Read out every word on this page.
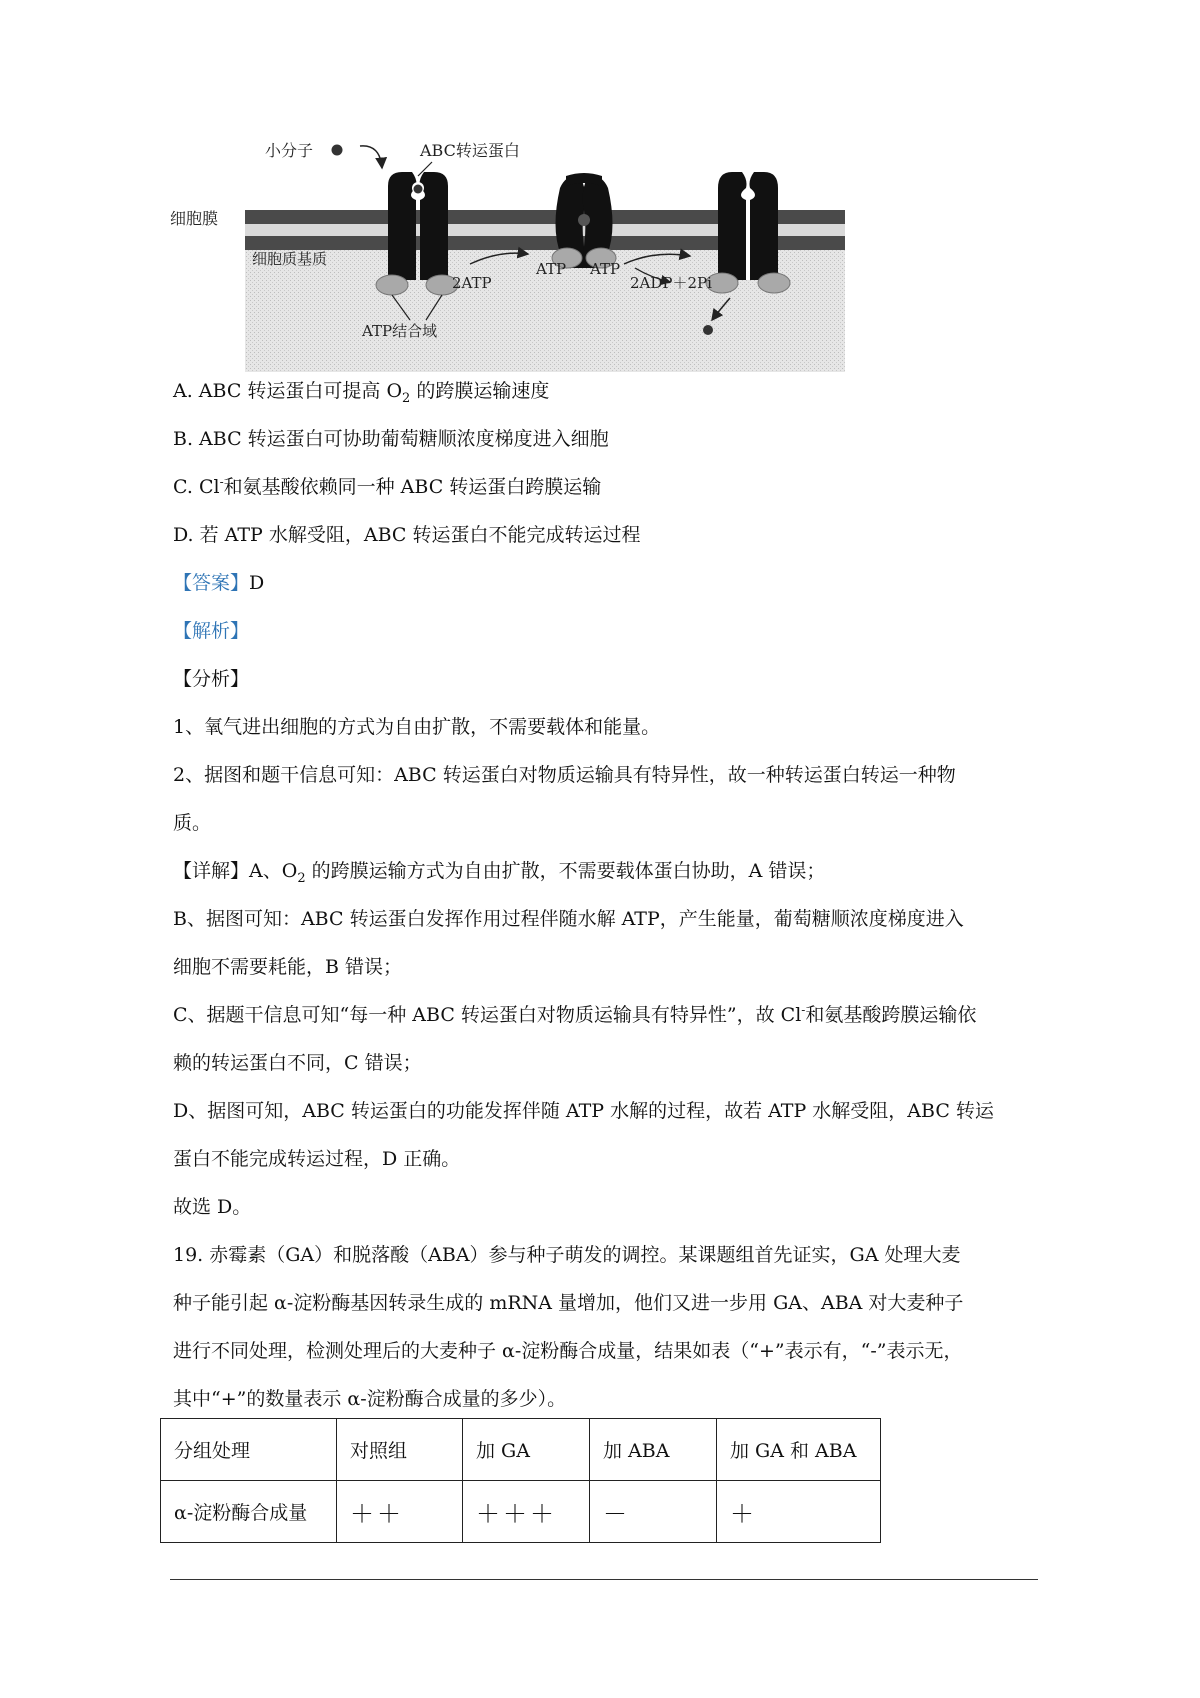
小分子	ABC转运蛋白
细胞膜
细胞质基质
2ATP
ATP ATP
2ADP＋2Pi
ATP结合域
A. ABC 转运蛋白可提高 $O_2$ 的跨膜运输速度
B. ABC 转运蛋白可协助葡萄糖顺浓度梯度进入细胞
C. Cl-和氨基酸依赖同一种 ABC 转运蛋白跨膜运输
D. 若 ATP 水解受阻，ABC 转运蛋白不能完成转运过程
【答案】D
【解析】
【分析】
1、氧气进出细胞的方式为自由扩散，不需要载体和能量。
2、据图和题干信息可知：ABC 转运蛋白对物质运输具有特异性，故一种转运蛋白转运一种物
质。
【详解】A、$O_2$ 的跨膜运输方式为自由扩散，不需要载体蛋白协助，A 错误；
B、据图可知：ABC 转运蛋白发挥作用过程伴随水解 ATP，产生能量，葡萄糖顺浓度梯度进入
细胞不需要耗能，B 错误；
C、据题干信息可知“每一种 ABC 转运蛋白对物质运输具有特异性”，故 Cl-和氨基酸跨膜运输依
赖的转运蛋白不同，C 错误；
D、据图可知，ABC 转运蛋白的功能发挥伴随 ATP 水解的过程，故若 ATP 水解受阻，ABC 转运
蛋白不能完成转运过程，D 正确。
故选 D。
19. 赤霉素（GA）和脱落酸（ABA）参与种子萌发的调控。某课题组首先证实，GA 处理大麦
种子能引起 α-淀粉酶基因转录生成的 mRNA 量增加，他们又进一步用 GA、ABA 对大麦种子
进行不同处理，检测处理后的大麦种子 α-淀粉酶合成量，结果如表（“+”表示有，“-”表示无，
其中“+”的数量表示 α-淀粉酶合成量的多少）。
分组处理	对照组	加 GA	加 ABA	加 GA 和 ABA
α-淀粉酶合成量	＋＋	＋＋＋	－	＋
